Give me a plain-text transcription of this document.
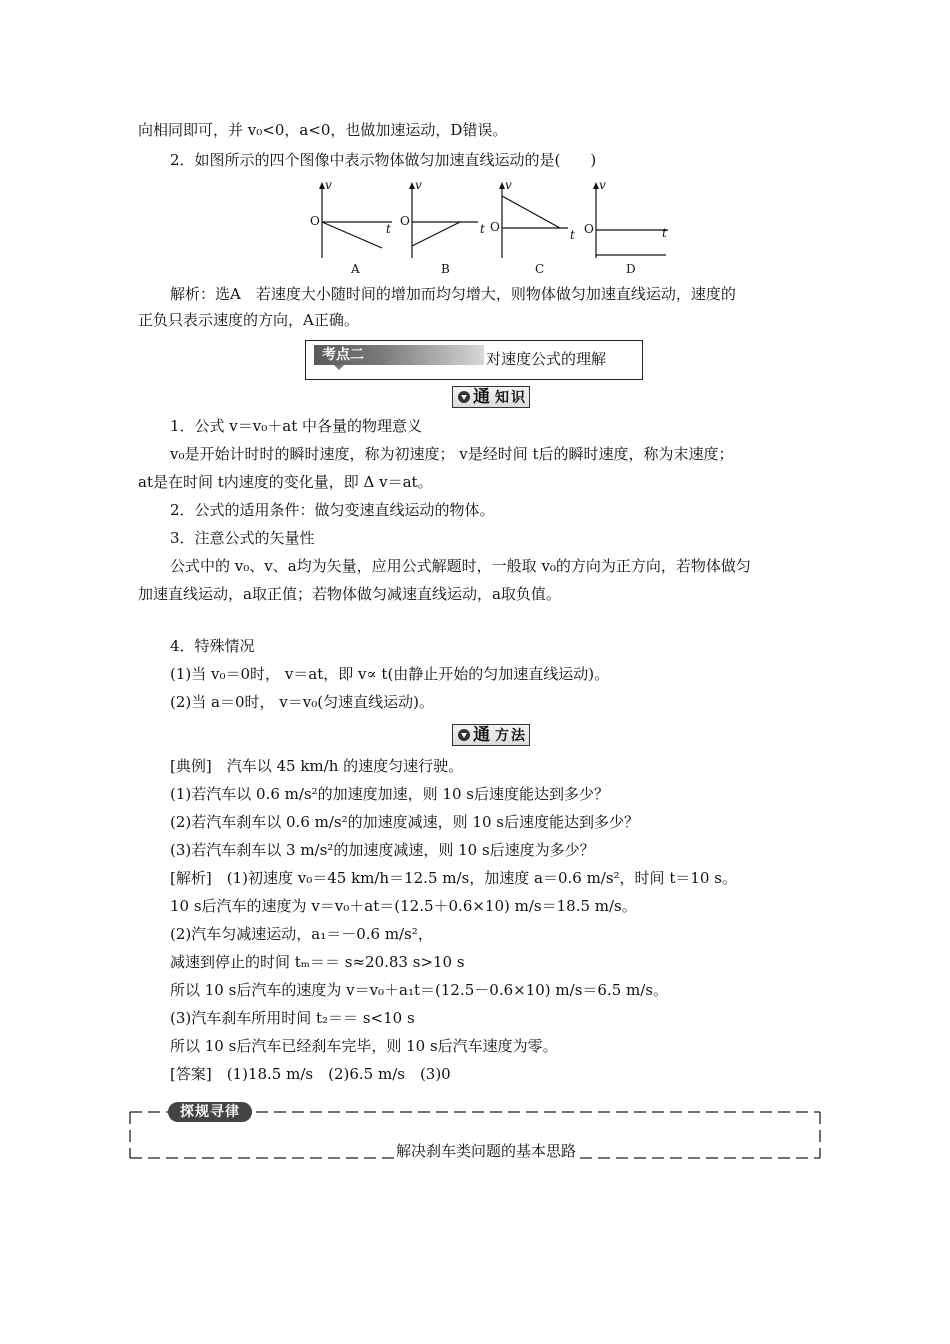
向相同即可，并 v₀<0，a<0，也做加速运动，D错误。
2．如图所示的四个图像中表示物体做匀加速直线运动的是(　　)
v	v	v	v
O	O	O	O
t	t	t	t
A	B	C	D
解析：选A　若速度大小随时间的增加而均匀增大，则物体做匀加速直线运动，速度的
正负只表示速度的方向，A正确。
考点二	对速度公式的理解
通 知识
1．公式 v＝v₀＋at 中各量的物理意义
v₀是开始计时时的瞬时速度，称为初速度； v是经时间 t后的瞬时速度，称为末速度；
at是在时间 t内速度的变化量，即 Δ v＝at。
2．公式的适用条件：做匀变速直线运动的物体。
3．注意公式的矢量性
公式中的 v₀、v、a均为矢量，应用公式解题时，一般取 v₀的方向为正方向，若物体做匀
加速直线运动，a取正值；若物体做匀减速直线运动，a取负值。
4．特殊情况
(1)当 v₀＝0时， v＝at，即 v∝ t(由静止开始的匀加速直线运动)。
(2)当 a＝0时， v＝v₀(匀速直线运动)。
通 方法
[典例]　汽车以 45 km/h 的速度匀速行驶。
(1)若汽车以 0.6 m/s²的加速度加速，则 10 s后速度能达到多少？
(2)若汽车刹车以 0.6 m/s²的加速度减速，则 10 s后速度能达到多少？
(3)若汽车刹车以 3 m/s²的加速度减速，则 10 s后速度为多少？
[解析]　(1)初速度 v₀＝45 km/h＝12.5 m/s，加速度 a＝0.6 m/s²，时间 t＝10 s。
10 s后汽车的速度为 v＝v₀＋at＝(12.5＋0.6×10) m/s＝18.5 m/s。
(2)汽车匀减速运动，a₁＝－0.6 m/s²，
减速到停止的时间 tₘ＝＝ s≈20.83 s>10 s
所以 10 s后汽车的速度为 v＝v₀＋a₁t＝(12.5－0.6×10) m/s＝6.5 m/s。
(3)汽车刹车所用时间 t₂＝＝ s<10 s
所以 10 s后汽车已经刹车完毕，则 10 s后汽车速度为零。
[答案]　(1)18.5 m/s　(2)6.5 m/s　(3)0
探规寻律
解决刹车类问题的基本思路
